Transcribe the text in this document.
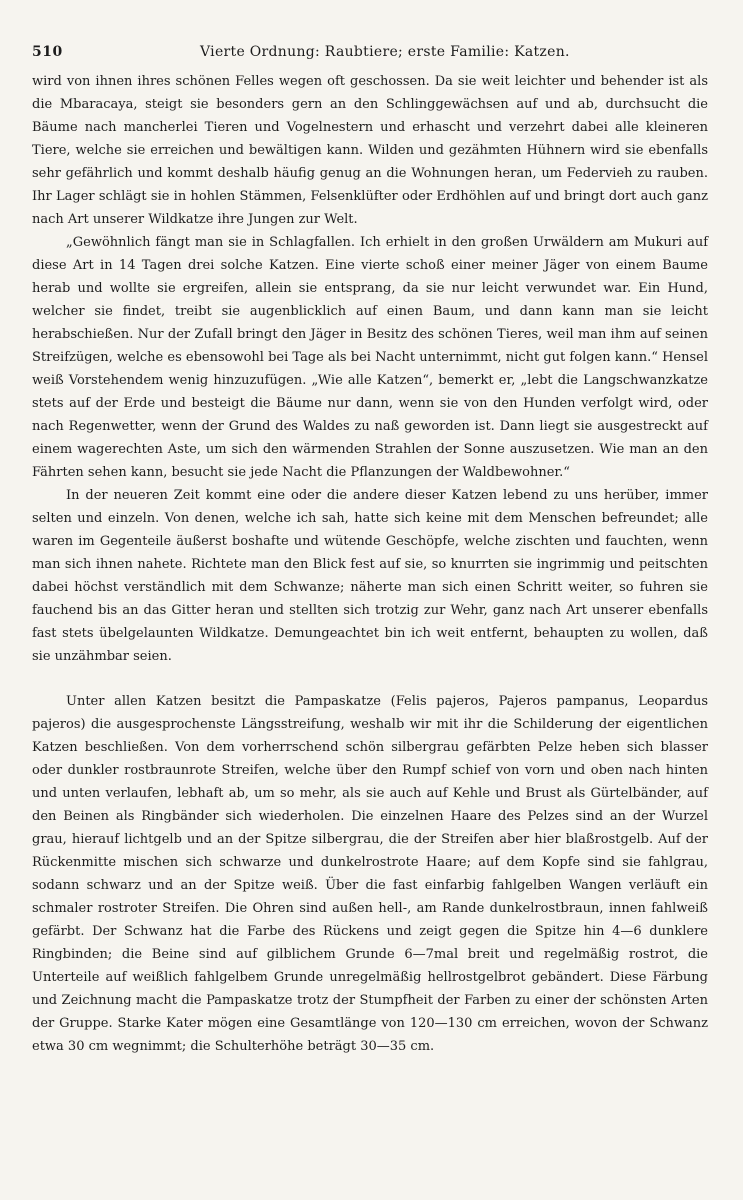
510	Vierte Ordnung: Raubtiere; erste Familie: Katzen.

wird von ihnen ihres schönen Felles wegen oft geschossen. Da sie weit leichter und behender ist als die Mbaracaya, steigt sie besonders gern an den Schlinggewächsen auf und ab, durchsucht die Bäume nach mancherlei Tieren und Vogelnestern und erhascht und verzehrt dabei alle kleineren Tiere, welche sie erreichen und bewältigen kann. Wilden und gezähmten Hühnern wird sie ebenfalls sehr gefährlich und kommt deshalb häufig genug an die Wohnungen heran, um Federvieh zu rauben. Ihr Lager schlägt sie in hohlen Stämmen, Felsenklüfter oder Erdhöhlen auf und bringt dort auch ganz nach Art unserer Wildkatze ihre Jungen zur Welt.

„Gewöhnlich fängt man sie in Schlagfallen. Ich erhielt in den großen Urwäldern am Mukuri auf diese Art in 14 Tagen drei solche Katzen. Eine vierte schoß einer meiner Jäger von einem Baume herab und wollte sie ergreifen, allein sie entsprang, da sie nur leicht verwundet war. Ein Hund, welcher sie findet, treibt sie augenblicklich auf einen Baum, und dann kann man sie leicht herabschießen. Nur der Zufall bringt den Jäger in Besitz des schönen Tieres, weil man ihm auf seinen Streifzügen, welche es ebensowohl bei Tage als bei Nacht unternimmt, nicht gut folgen kann.“ Hensel weiß Vorstehendem wenig hinzuzufügen. „Wie alle Katzen“, bemerkt er, „lebt die Langschwanzkatze stets auf der Erde und besteigt die Bäume nur dann, wenn sie von den Hunden verfolgt wird, oder nach Regenwetter, wenn der Grund des Waldes zu naß geworden ist. Dann liegt sie ausgestreckt auf einem wagerechten Aste, um sich den wärmenden Strahlen der Sonne auszusetzen. Wie man an den Fährten sehen kann, besucht sie jede Nacht die Pflanzungen der Waldbewohner.“

In der neueren Zeit kommt eine oder die andere dieser Katzen lebend zu uns herüber, immer selten und einzeln. Von denen, welche ich sah, hatte sich keine mit dem Menschen befreundet; alle waren im Gegenteile äußerst boshafte und wütende Geschöpfe, welche zischten und fauchten, wenn man sich ihnen nahete. Richtete man den Blick fest auf sie, so knurrten sie ingrimmig und peitschten dabei höchst verständlich mit dem Schwanze; näherte man sich einen Schritt weiter, so fuhren sie fauchend bis an das Gitter heran und stellten sich trotzig zur Wehr, ganz nach Art unserer ebenfalls fast stets übelgelaunten Wildkatze. Demungeachtet bin ich weit entfernt, behaupten zu wollen, daß sie unzähmbar seien.

Unter allen Katzen besitzt die Pampaskatze (Felis pajeros, Pajeros pampanus, Leopardus pajeros) die ausgesprochenste Längsstreifung, weshalb wir mit ihr die Schilderung der eigentlichen Katzen beschließen. Von dem vorherrschend schön silbergrau gefärbten Pelze heben sich blasser oder dunkler rostbraunrote Streifen, welche über den Rumpf schief von vorn und oben nach hinten und unten verlaufen, lebhaft ab, um so mehr, als sie auch auf Kehle und Brust als Gürtelbänder, auf den Beinen als Ringbänder sich wiederholen. Die einzelnen Haare des Pelzes sind an der Wurzel grau, hierauf lichtgelb und an der Spitze silbergrau, die der Streifen aber hier blaßrostgelb. Auf der Rückenmitte mischen sich schwarze und dunkelrostrote Haare; auf dem Kopfe sind sie fahlgrau, sodann schwarz und an der Spitze weiß. Über die fast einfarbig fahlgelben Wangen verläuft ein schmaler rostroter Streifen. Die Ohren sind außen hell-, am Rande dunkelrostbraun, innen fahlweiß gefärbt. Der Schwanz hat die Farbe des Rückens und zeigt gegen die Spitze hin 4—6 dunklere Ringbinden; die Beine sind auf gilblichem Grunde 6—7mal breit und regelmäßig rostrot, die Unterteile auf weißlich fahlgelbem Grunde unregelmäßig hellrostgelbrot gebändert. Diese Färbung und Zeichnung macht die Pampaskatze trotz der Stumpfheit der Farben zu einer der schönsten Arten der Gruppe. Starke Kater mögen eine Gesamtlänge von 120—130 cm erreichen, wovon der Schwanz etwa 30 cm wegnimmt; die Schulterhöhe beträgt 30—35 cm.
